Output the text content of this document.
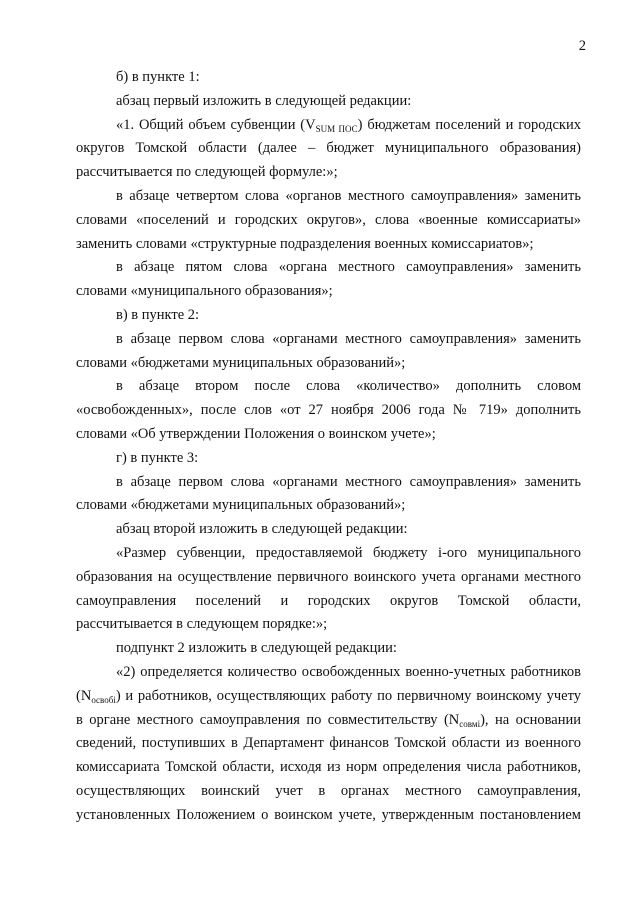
2

б) в пункте 1:

абзац первый изложить в следующей редакции:

«1. Общий объем субвенции $(V_{SUM ПОС})$ бюджетам поселений и городских округов Томской области (далее – бюджет муниципального образования) рассчитывается по следующей формуле:»;

в абзаце четвертом слова «органов местного самоуправления» заменить словами «поселений и городских округов», слова «военные комиссариаты» заменить словами «структурные подразделения военных комиссариатов»;

в абзаце пятом слова «органа местного самоуправления» заменить словами «муниципального образования»;

в) в пункте 2:

в абзаце первом слова «органами местного самоуправления» заменить словами «бюджетами муниципальных образований»;

в абзаце втором после слова «количество» дополнить словом «освобожденных», после слов «от 27 ноября 2006 года № 719» дополнить словами «Об утверждении Положения о воинском учете»;

г) в пункте 3:

в абзаце первом слова «органами местного самоуправления» заменить словами «бюджетами муниципальных образований»;

абзац второй изложить в следующей редакции:

«Размер субвенции, предоставляемой бюджету i-ого муниципального образования на осуществление первичного воинского учета органами местного самоуправления поселений и городских округов Томской области, рассчитывается в следующем порядке:»;

подпункт 2 изложить в следующей редакции:

«2) определяется количество освобожденных военно-учетных работников $(N_{освобi})$ и работников, осуществляющих работу по первичному воинскому учету в органе местного самоуправления по совместительству $(N_{совмi})$, на основании сведений, поступивших в Департамент финансов Томской области из военного комиссариата Томской области, исходя из норм определения числа работников, осуществляющих воинский учет в органах местного самоуправления, установленных Положением о воинском учете, утвержденным постановлением
